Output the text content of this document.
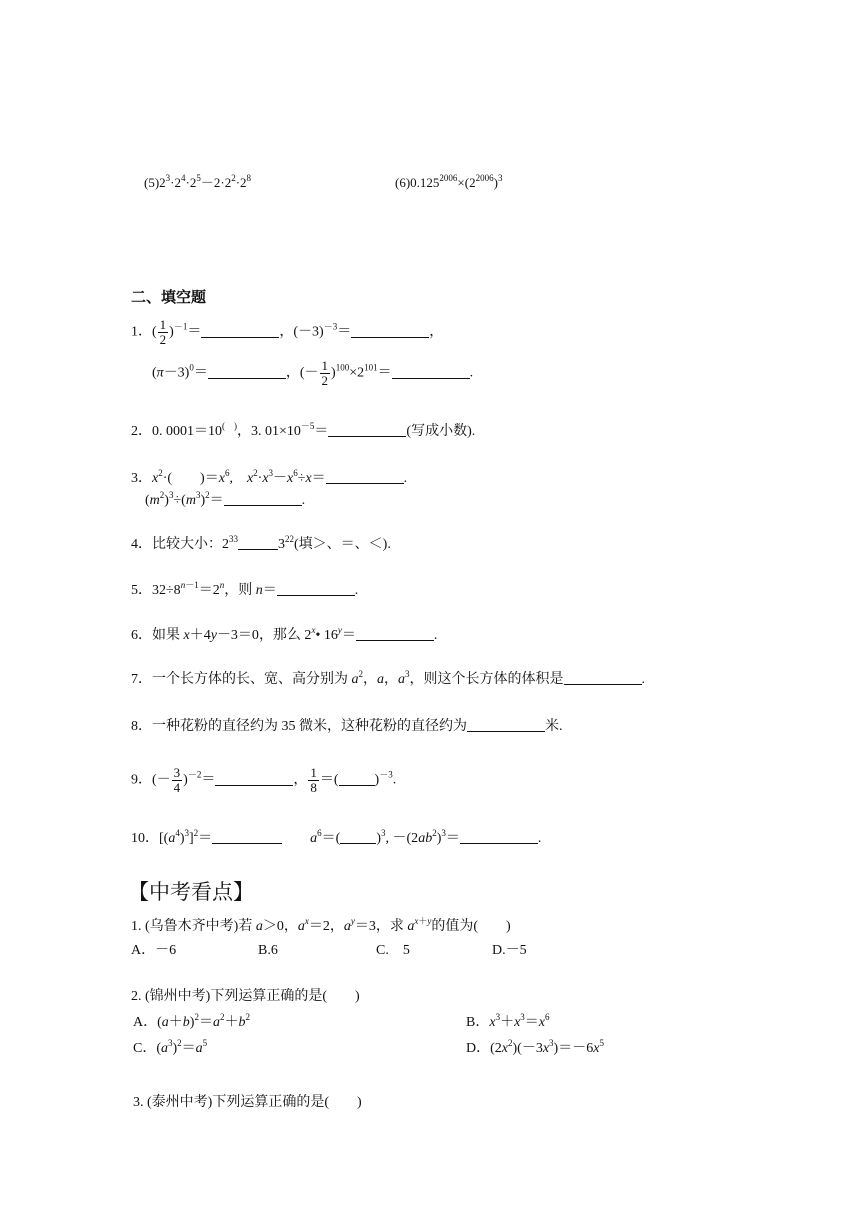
$(5)2^3\cdot 2^4\cdot 2^5-2\cdot 2^2\cdot 2^8$	$(6)0.125^{2006}\times(2^{2006})^3$
二、填空题
1．( $\frac{1}{2} )^{-1}=$	，$(-3)^{-3}=$	，
$(\pi-3)^0=$	，(－ $\frac{1}{2} )^{100}\times 2^{101}=$	.
2．0. 0001＝10(　)，3. $01\times 10^{-5}=$	(写成小数).
3．$x^2\cdot$(　　)$=x^6$,　$x^2\cdot x^3-x^6\div x=$	.
$(m^2)^3\div(m^3)^2=$	.
4．比较大小：$2^{33}$	$3^{22}$(填＞、＝、＜).
5．$32\div 8^{n-1}=2^n$，则 n＝	.
6．如果 x＋4y－3＝0，那么 2$^x$• $16^y=$	.
7．一个长方体的长、宽、高分别为 $a^2$，a，$a^3$，则这个长方体的体积是	.
8．一种花粉的直径约为 35 微米，这种花粉的直径约为	米.
9．(－ $\frac{3}{4} )^{-2}=$	， $\frac{1}{8}$ ＝(	)$^{-3}$.
10．$[(a^4)^3]^2=$　　	$a^6=$(	)$^3$, $-(2ab^2)^3=$	.
【中考看点】
1. (乌鲁木齐中考)若 a＞0，$a^x=2$，$a^y=3$，求 $a^{x+y}$的值为(　　)
A．－6	B.6	C.　5	D.－5
2. (锦州中考)下列运算正确的是(　　)
A．$(a+b)^2=a^2+b^2$	B．$x^3+x^3=x^6$
C．$(a^3)^2=a^5$	D．$(2x^2)(-3x^3)=-6x^5$
3. (泰州中考)下列运算正确的是(　　)
